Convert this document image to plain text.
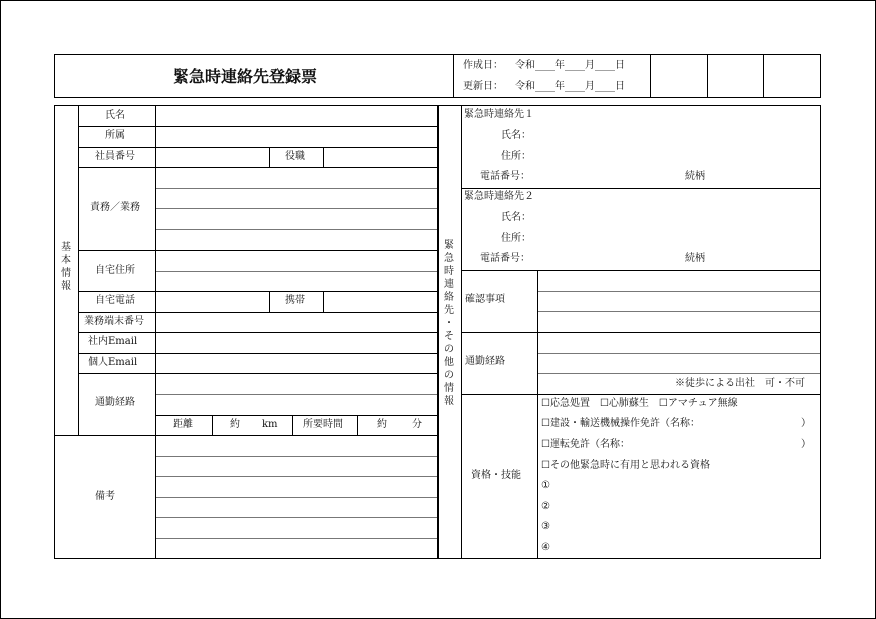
緊急時連絡先登録票
作成日： 令和____年____月____日
更新日： 令和____年____月____日
基
本
情
報
氏名
所属
社員番号	役職
責務／業務
自宅住所
自宅電話	携帯
業務端末番号
社内Email
個人Email
通勤経路
距離	約 km	所要時間	約	分
備考
緊
急
時
連
絡
先
・
そ
の
他
の
情
報
緊急時連絡先１
氏名：
住所：
電話番号：	続柄
緊急時連絡先２
氏名：
住所：
電話番号：	続柄
確認事項
通勤経路
※徒歩による出社　可・不可
資格・技能
☐応急処置　☐心肺蘇生　☐アマチュア無線
☐建設・輸送機械操作免許（名称：	）
☐運転免許（名称：	）
☐その他緊急時に有用と思われる資格
①
②
③
④
